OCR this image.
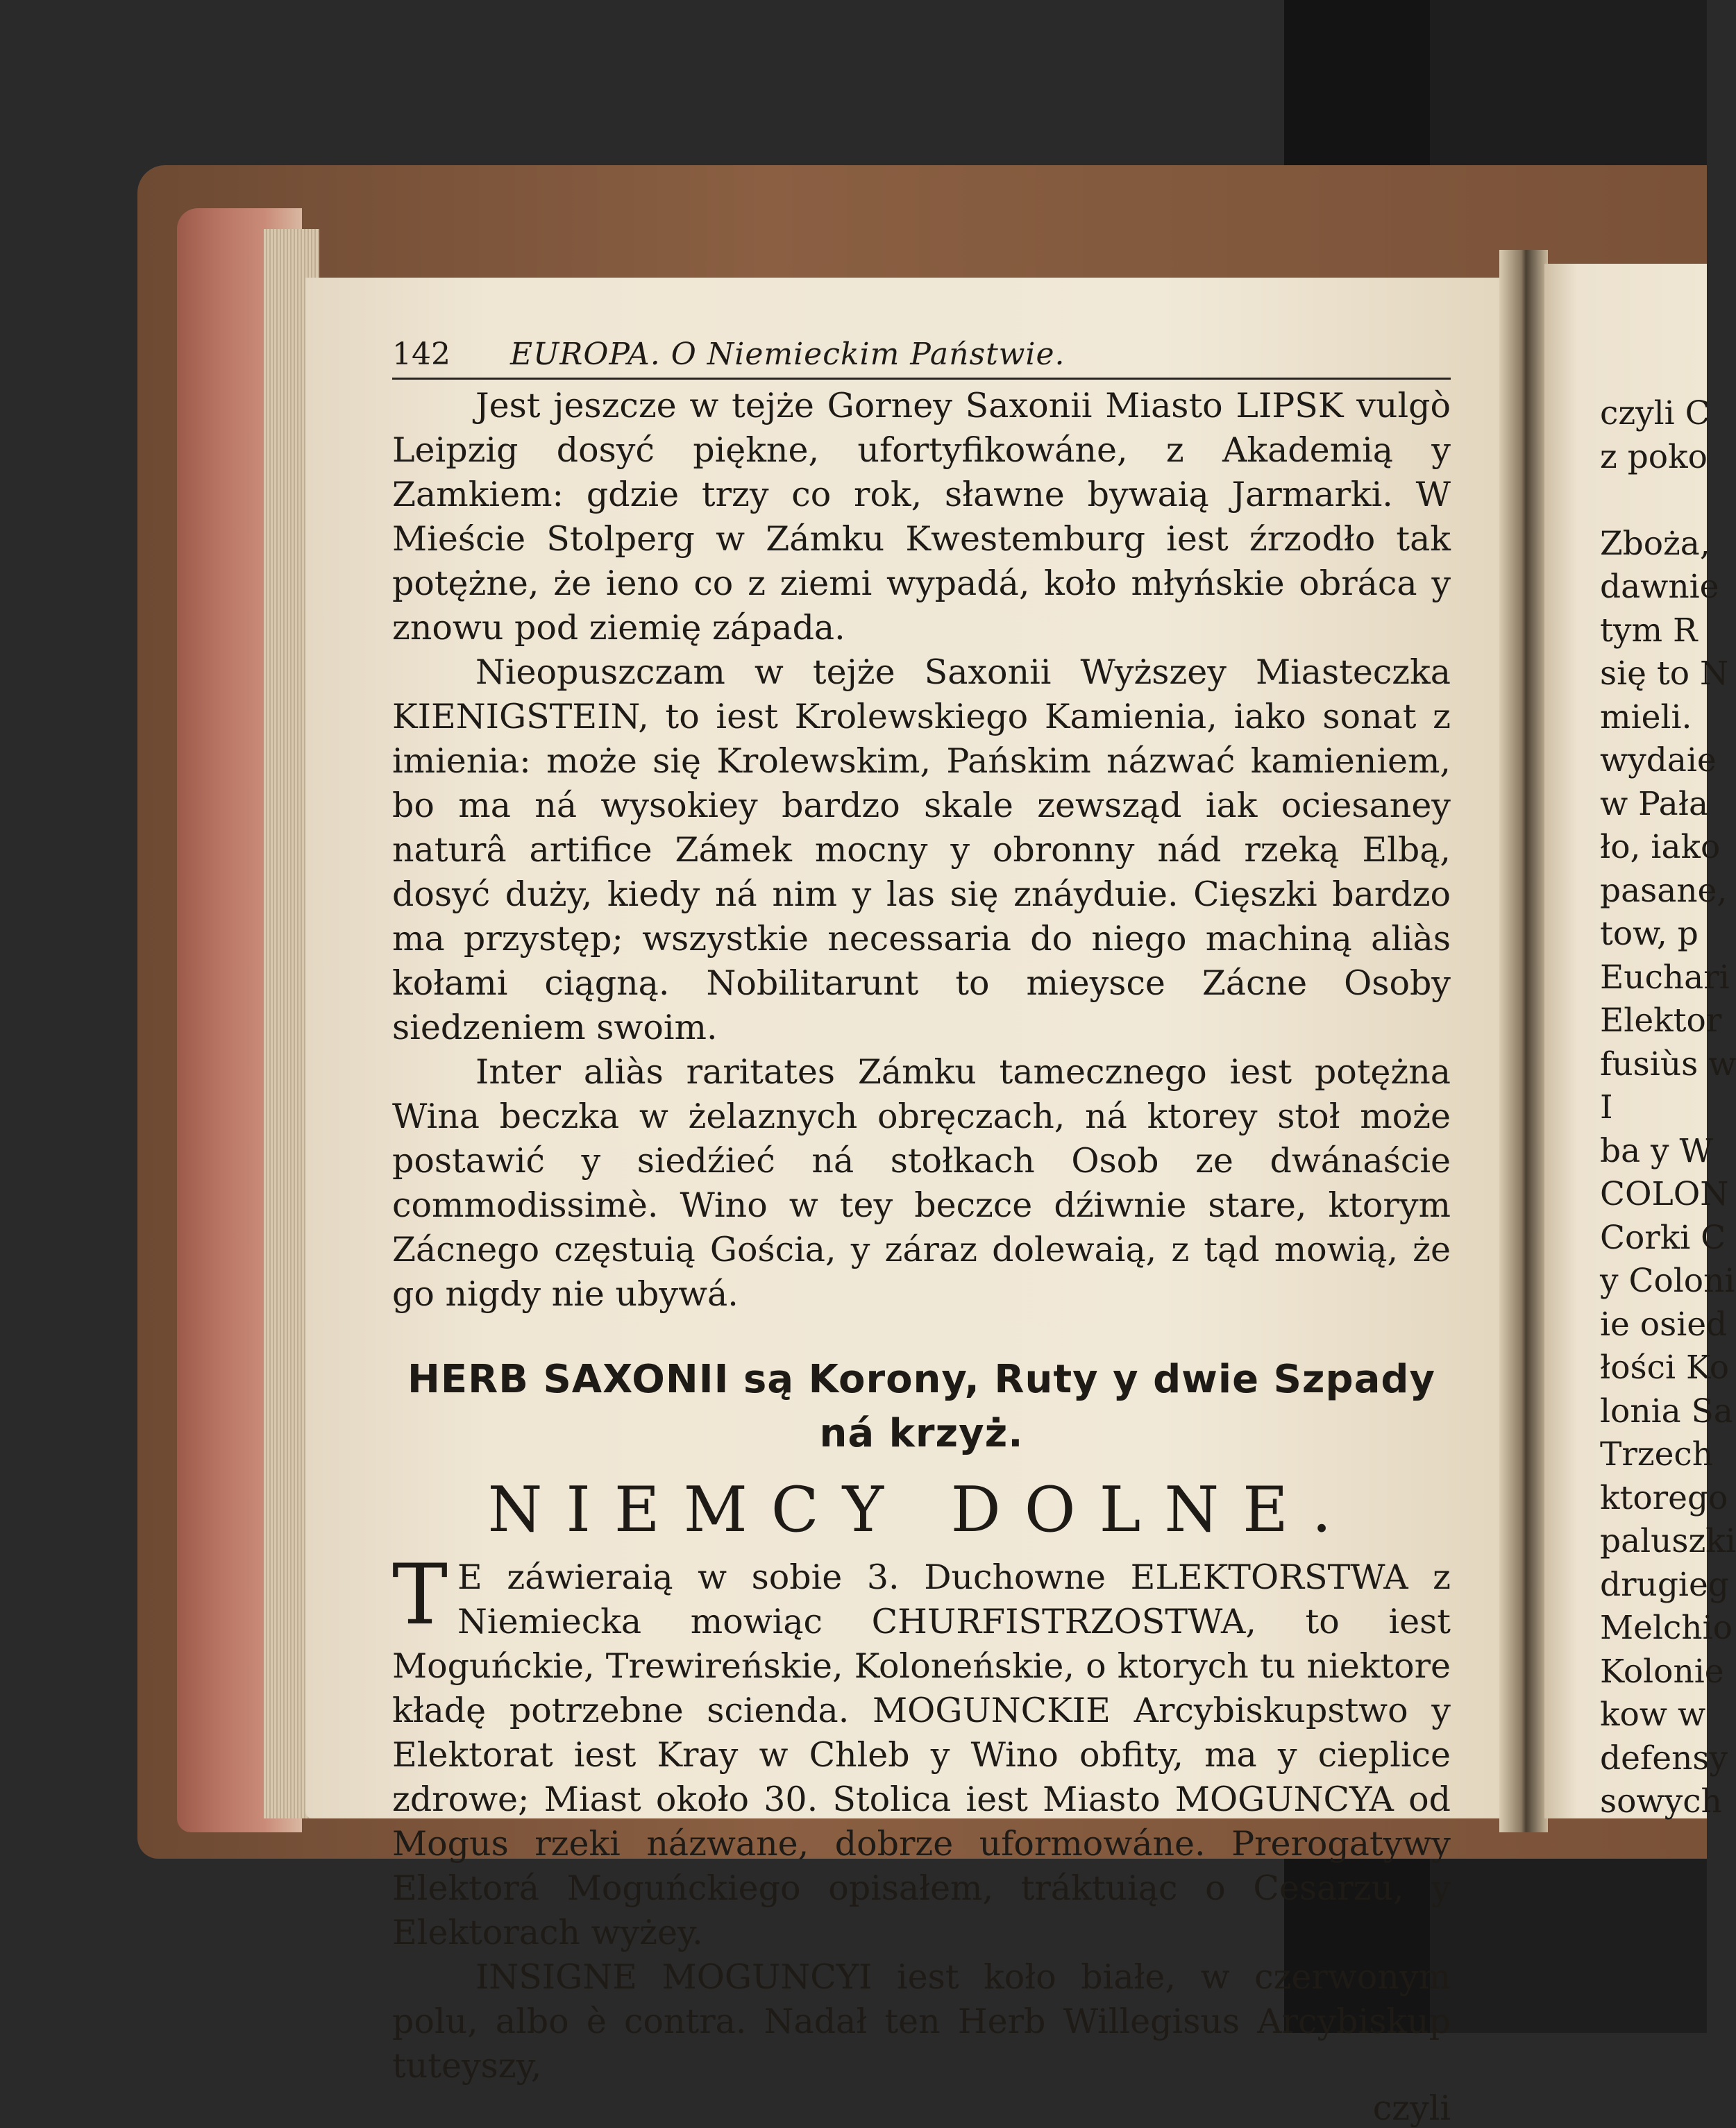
142	EUROPA. O Niemieckim Państwie.

Jest jeszcze w tejże Gorney Saxonii Miasto LIPSK vulgò Leipzig dosyć piękne, ufortyfikowáne, z Akademią y Zamkiem: gdzie trzy co rok, sławne bywaią Jarmarki. W Mieście Stolperg w Zámku Kwestemburg iest źrzodło tak potężne, że ieno co z ziemi wypadá, koło młyńskie obráca y znowu pod ziemię západa.

Nieopuszczam w tejże Saxonii Wyższey Miasteczka KIENIGSTEIN, to iest Krolewskiego Kamienia, iako sonat z imienia: może się Krolewskim, Pańskim názwać kamieniem, bo ma ná wysokiey bardzo skale zewsząd iak ociesaney naturâ artifice Zámek mocny y obronny nád rzeką Elbą, dosyć duży, kiedy ná nim y las się znáyduie. Cięszki bardzo ma przystęp; wszystkie necessaria do niego machiną aliàs kołami ciągną. Nobilitarunt to mieysce Zácne Osoby siedzeniem swoim.

Inter aliàs raritates Zámku tamecznego iest potężna Wina beczka w żelaznych obręczach, ná ktorey stoł może postawić y siedźieć ná stołkach Osob ze dwánaście commodissimè. Wino w tey beczce dźiwnie stare, ktorym Zácnego częstuią Gościa, y záraz dolewaią, z tąd mowią, że go nigdy nie ubywá.

HERB SAXONII są Korony, Ruty y dwie Szpady
ná krzyż.
NIEMCY DOLNE.

T E záwieraią w sobie 3. Duchowne ELEKTORSTWA z Niemiecka mowiąc CHURFISTRZOSTWA, to iest Moguńckie, Trewireńskie, Koloneńskie, o ktorych tu niektore kładę potrzebne scienda. MOGUNCKIE Arcybiskupstwo y Elektorat iest Kray w Chleb y Wino obfity, ma y cieplice zdrowe; Miast około 30. Stolica iest Miasto MOGUNCYA od Mogus rzeki názwane, dobrze uformowáne. Prerogatywy Elektorá Moguńckiego opisałem, tráktuiąc o Cesarzu, y Elektorach wyżey.

INSIGNE MOGUNCYI iest koło białe, w czerwonym polu, albo è contra. Nadał ten Herb Willegisus Arcybiskup tuteyszy,

czyli
czyli C
z poko
Zboża,
dawnie
tym R
się to N
mieli.
wydaie
w Pała
ło, iako
pasane,
tow, p
Euchari
Elektor
fusiùs w
I
ba y W
COLON
Corki C
y Coloni
ie osied
łości Ko
lonia Sa
Trzech
ktorego
paluszki
drugieg
Melchio
Kolonie
kow w
defensy
sowych
